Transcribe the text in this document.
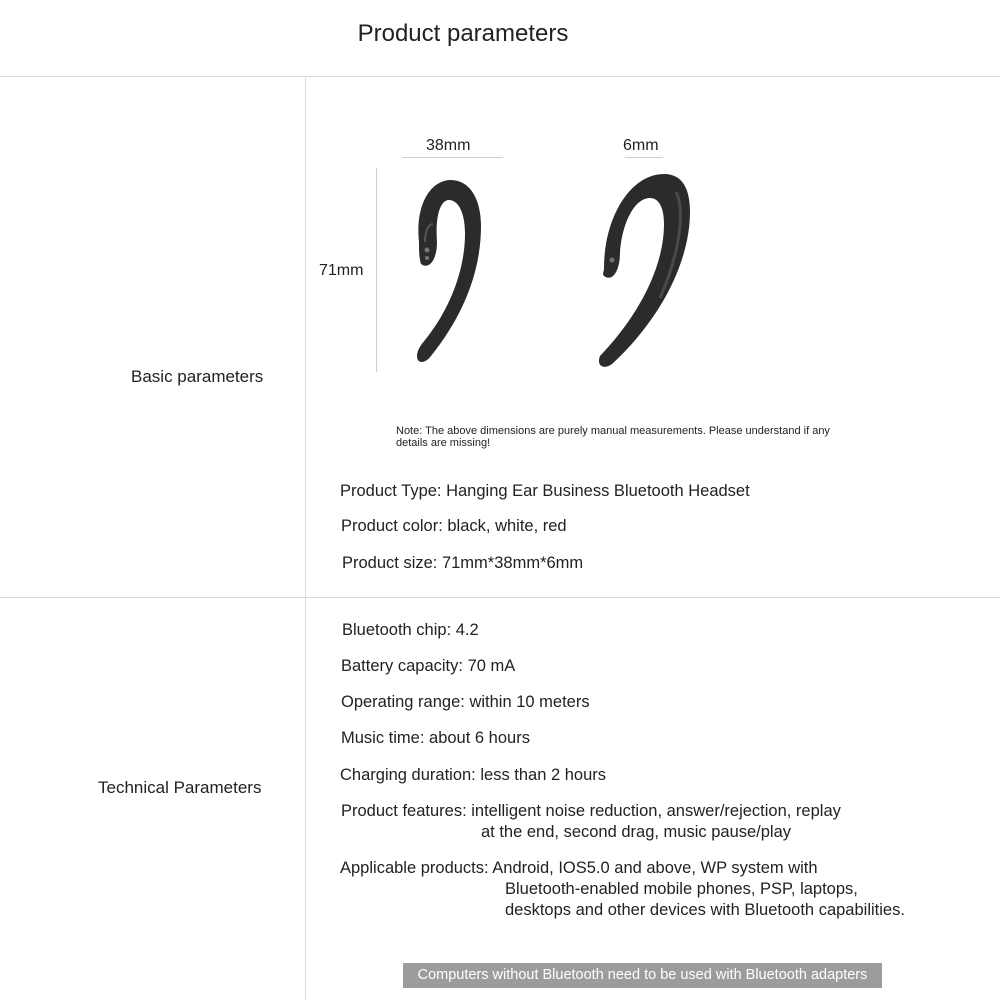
Product parameters
Basic parameters
38mm	6mm
71mm
Note: The above dimensions are purely manual measurements. Please understand if any details are missing!
Product Type: Hanging Ear Business Bluetooth Headset
Product color: black, white, red
Product size: 71mm*38mm*6mm
Technical Parameters
Bluetooth chip: 4.2
Battery capacity: 70 mA
Operating range: within 10 meters
Music time: about 6 hours
Charging duration: less than 2 hours
Product features: intelligent noise reduction, answer/rejection, replay
at the end, second drag, music pause/play
Applicable products: Android, IOS5.0 and above, WP system with
Bluetooth-enabled mobile phones, PSP, laptops,
desktops and other devices with Bluetooth capabilities.
Computers without Bluetooth need to be used with Bluetooth adapters
